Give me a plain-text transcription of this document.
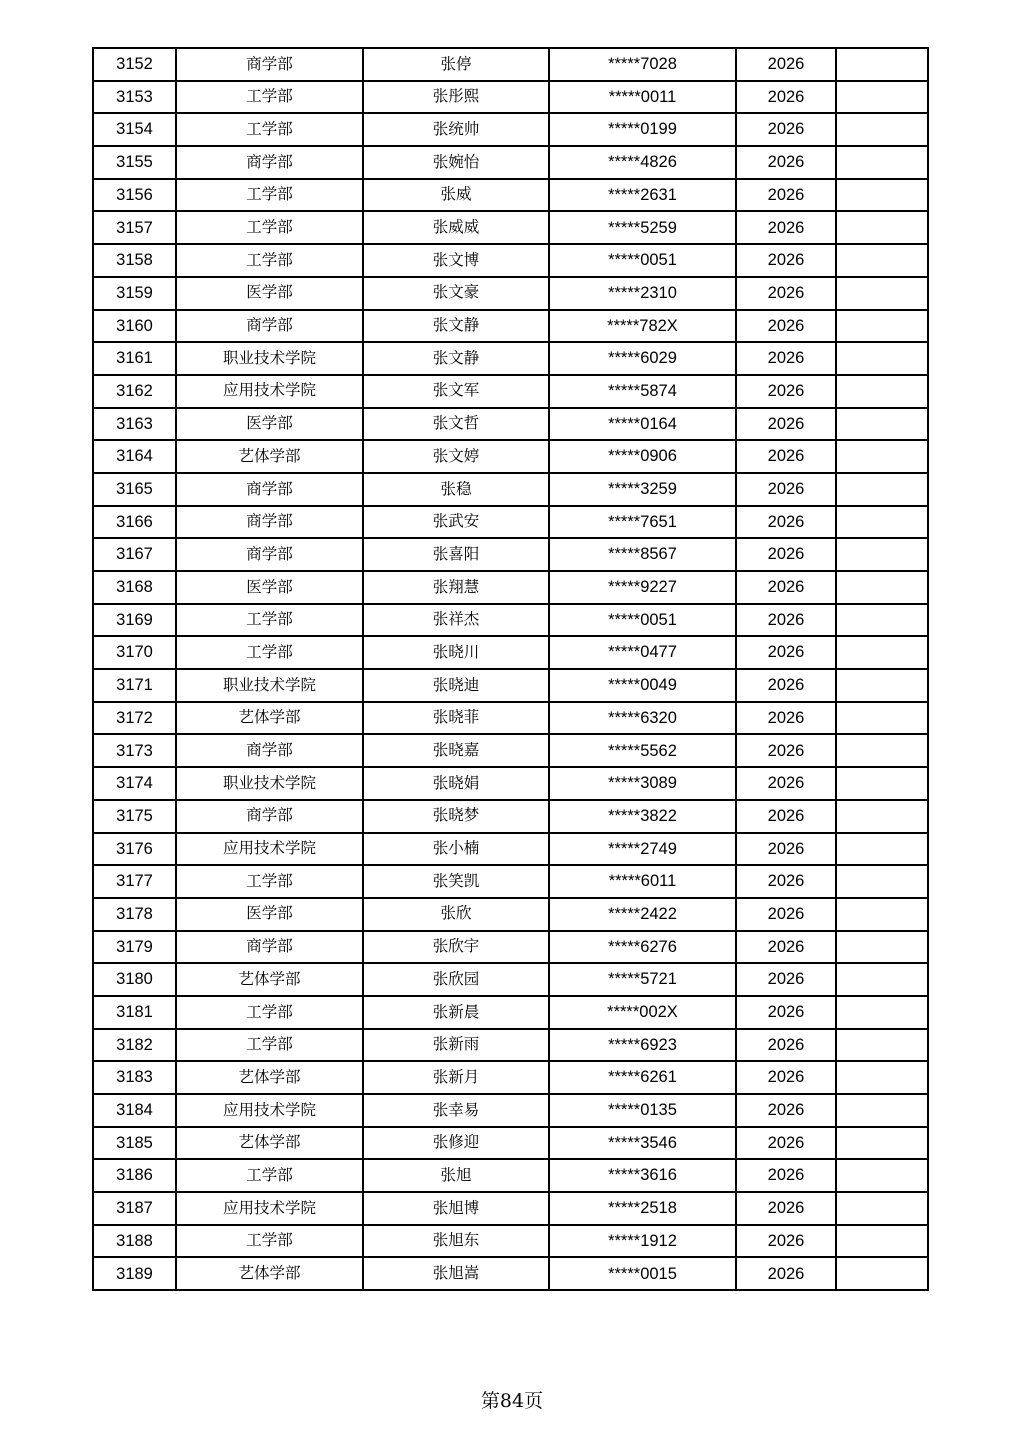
3152	商学部	张停	*****7028	2026	
3153	工学部	张彤熙	*****0011	2026	
3154	工学部	张统帅	*****0199	2026	
3155	商学部	张婉怡	*****4826	2026	
3156	工学部	张威	*****2631	2026	
3157	工学部	张威威	*****5259	2026	
3158	工学部	张文博	*****0051	2026	
3159	医学部	张文豪	*****2310	2026	
3160	商学部	张文静	*****782X	2026	
3161	职业技术学院	张文静	*****6029	2026	
3162	应用技术学院	张文军	*****5874	2026	
3163	医学部	张文哲	*****0164	2026	
3164	艺体学部	张文婷	*****0906	2026	
3165	商学部	张稳	*****3259	2026	
3166	商学部	张武安	*****7651	2026	
3167	商学部	张喜阳	*****8567	2026	
3168	医学部	张翔慧	*****9227	2026	
3169	工学部	张祥杰	*****0051	2026	
3170	工学部	张晓川	*****0477	2026	
3171	职业技术学院	张晓迪	*****0049	2026	
3172	艺体学部	张晓菲	*****6320	2026	
3173	商学部	张晓嘉	*****5562	2026	
3174	职业技术学院	张晓娟	*****3089	2026	
3175	商学部	张晓梦	*****3822	2026	
3176	应用技术学院	张小楠	*****2749	2026	
3177	工学部	张笑凯	*****6011	2026	
3178	医学部	张欣	*****2422	2026	
3179	商学部	张欣宇	*****6276	2026	
3180	艺体学部	张欣园	*****5721	2026	
3181	工学部	张新晨	*****002X	2026	
3182	工学部	张新雨	*****6923	2026	
3183	艺体学部	张新月	*****6261	2026	
3184	应用技术学院	张幸易	*****0135	2026	
3185	艺体学部	张修迎	*****3546	2026	
3186	工学部	张旭	*****3616	2026	
3187	应用技术学院	张旭博	*****2518	2026	
3188	工学部	张旭东	*****1912	2026	
3189	艺体学部	张旭嵩	*****0015	2026	
第84页
